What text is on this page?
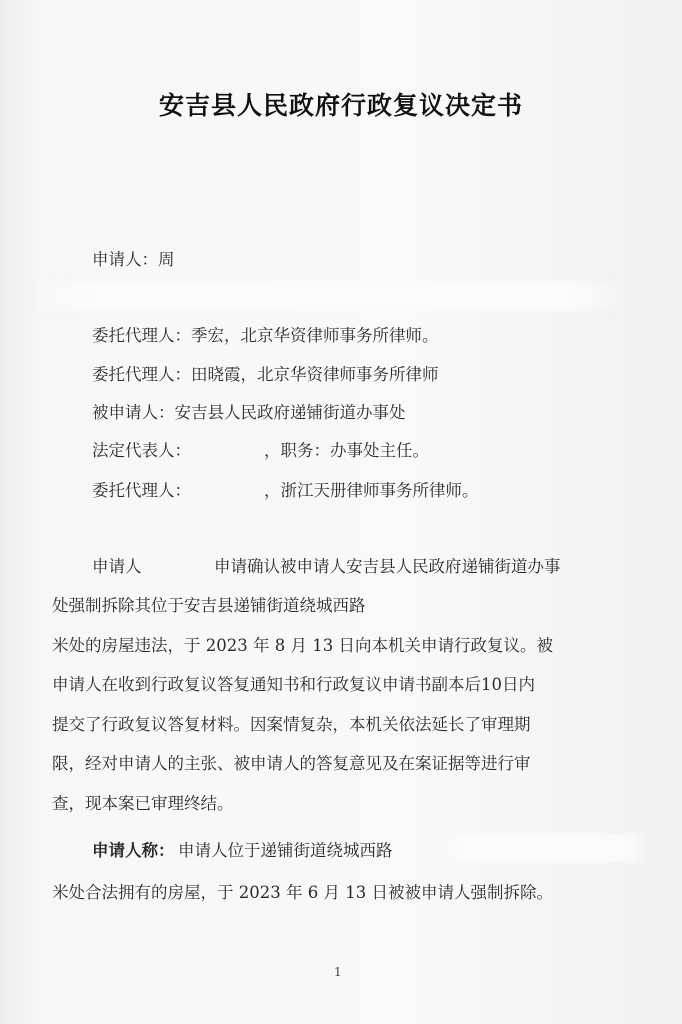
安吉县人民政府行政复议决定书
申请人：周
委托代理人：季宏，北京华资律师事务所律师。
委托代理人：田晓霞，北京华资律师事务所律师
被申请人：安吉县人民政府递铺街道办事处
法定代表人：	，职务：办事处主任。
委托代理人：	，浙江天册律师事务所律师。
申请人	申请确认被申请人安吉县人民政府递铺街道办事
处强制拆除其位于安吉县递铺街道绕城西路
米处的房屋违法，于 2023 年 8 月 13 日向本机关申请行政复议。被
申请人在收到行政复议答复通知书和行政复议申请书副本后10日内
提交了行政复议答复材料。因案情复杂，本机关依法延长了审理期
限，经对申请人的主张、被申请人的答复意见及在案证据等进行审
查，现本案已审理终结。
申请人称： 申请人位于递铺街道绕城西路
米处合法拥有的房屋，于 2023 年 6 月 13 日被被申请人强制拆除。
1
